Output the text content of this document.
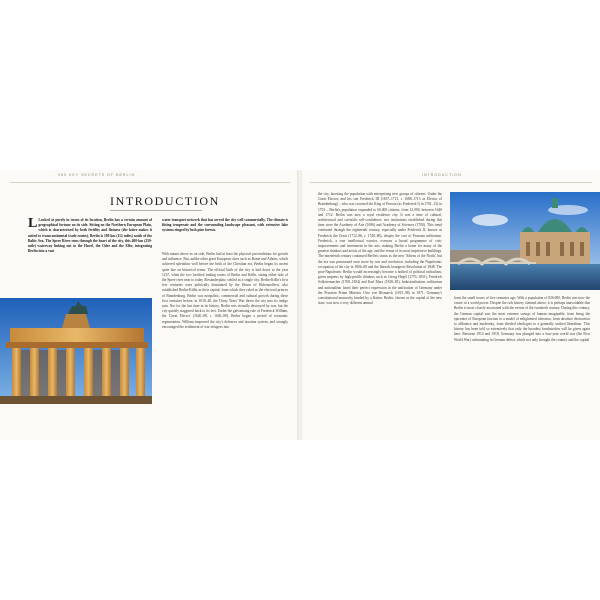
365 KEY SECRETS OF BERLIN
INTRODUCTION
L Looked at purely in terms of its location, Berlin has a certain amount of geographical fortune on its side. Sitting on the Northern European Plain, which is characterised by both fertility and flatness (the latter makes it suited to transcontinental trade routes), Berlin is 180 km (112 miles) south of the Baltic Sea. The Spree River runs through the heart of the city, this 400-km (250-mile) waterway linking out to the Havel, the Oder and the Elbe, integrating Berlin into a vast
water transport network that has served the city well commercially. The climate is fitting temperate and the surrounding landscape pleasant, with extensive lake systems ringed by lush pine forests.
With nature above us on side, Berlin had at least the physical preconditions for growth and influence. But, unlike other great European cities such as Rome and Athens, which achieved splendour well before the birth of the Christian era, Berlin began its ascent quite late on historical terms. The official birth of the city is laid down to the year 1237, when the two fortified trading towns of Berlin and Kölln, sitting either side of the Spree river near to today Alexanderplatz, settled as a single city. Berlin-Kölln's first few centuries were politically dominated by the House of Hohenzollern, who established Berlin-Kölln as their capital, from which they ruled as the electoral princes of Brandenburg. Berlin was nonpolitic, commercial and cultural growth during these first centuries before, in 1618–48, the Thirty Years' War threw the city into its indigo ruin. Not for the last time in its history, Berlin was virtually destroyed by war, but the city quickly staggered back to its feet. Under the galvanising rule of Frederick William, the 'Great Elector' (1620–88, r. 1640–88), Berlin began a period of economic regeneration. William improved the city's defences and taxation system, and strongly encouraged the settlement of war refugees into
INTRODUCTION
the city, boosting the population with enterprising new groups of citizens. Under the Great Elector, and his son Frederick III (1657–1713, r. 1688–1713 as Elector of Brandenburg) – who was crowned the King of Prussia (as Frederick I) in 1701–13) in 1701 – Berlin's population expanded to 60,000 citizens, from 12,000, between 1640 and 1712. Berlin was now a royal residence city. It was a time of cultural, architectural and scientific self-confidence; two institutions established during this time were the Academy of Arts (1696) and Academy of Sciences (1700). This trend continued through the eighteenth century, especially under Frederick II, known as Frederick the Great (1712–86, r. 1740–86), despite the cost of Prussian militarism. Frederick, a true intellectual warrior, oversaw a broad programme of civic improvements and investment in the arts, making Berlin a home for many of the greatest thinkers and artists of the age, and the venue of its most impressive buildings. The nineteenth century continued Berlin's status as the new 'Athens of the North', but the era was punctuated once more by war and revolution, including the Napoleonic occupation of the city in 1806–08 and the liberals bourgeois Revolution of 1848. The post-Napoleonic Berlin would increasingly become a hotbed of political radicalism, given impetus by high-profile thinkers such as Georg Hegel (1770–1831), Friedrich Schleiermacher (1768–1834) and Karl Marx (1818–83). Industrialisation, militarism and nationalism fused their perfect expression in the unification of Germany under the Prussian Prime Minister Otto von Bismarck (1815–98) in 1871, Germany's constitutional monarchy headed by a Kaiser. Berlin, chosen as the capital of the new state, was now a very different animal
from the small towns of five centuries ago. With a population of 826,000, Berlin was now the centre of a world power. Despite the rich history claimed above, it is perhaps unavoidable that Berlin is most closely associated with the events of the twentieth century. During this century, the German capital saw the most extreme swings of human imaginable, from being the epicentre of European fascism to a model of enlightened tolerance, from absolute destruction to affluence and modernity, from divided ideologies to a generally unified liberalism. This history has been told so extensively that only the broadest brushstrokes will be given again here. Between 1914 and 1918, Germany was plunged into a four-year world war (the First World War) culminating in German defeat, which not only brought the country and the capital
